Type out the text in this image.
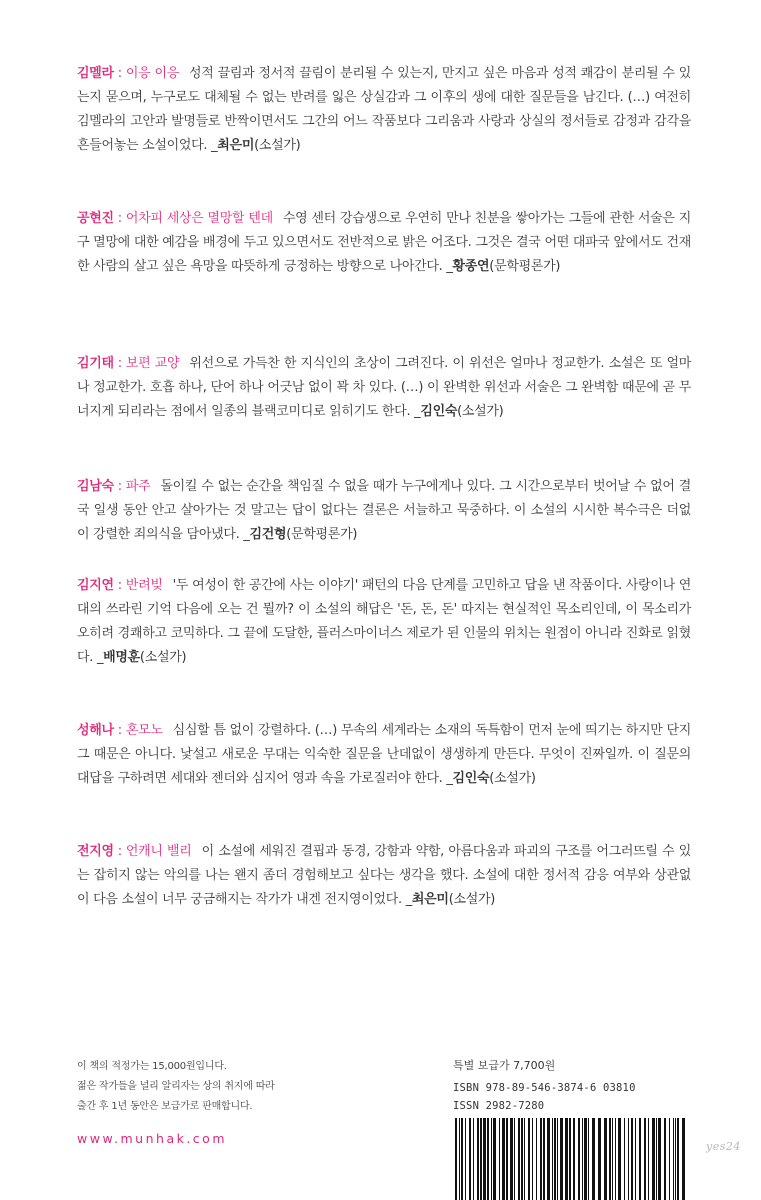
김멜라 : 이응 이응 성적 끌림과 정서적 끌림이 분리될 수 있는지, 만지고 싶은 마음과 성적 쾌감이 분리될 수 있는지 묻으며, 누구로도 대체될 수 없는 반려를 잃은 상실감과 그 이후의 생에 대한 질문들을 남긴다. (…) 여전히 김멜라의 고안과 발명들로 반짝이면서도 그간의 어느 작품보다 그리움과 사랑과 상실의 정서들로 감정과 감각을 흔들어놓는 소설이었다. _최은미(소설가)

공현진 : 어차피 세상은 멸망할 텐데 수영 센터 강습생으로 우연히 만나 친분을 쌓아가는 그들에 관한 서술은 지구 멸망에 대한 예감을 배경에 두고 있으면서도 전반적으로 밝은 어조다. 그것은 결국 어떤 대파국 앞에서도 건재한 사람의 살고 싶은 욕망을 따뜻하게 긍정하는 방향으로 나아간다. _황종연(문학평론가)

김기태 : 보편 교양 위선으로 가득찬 한 지식인의 초상이 그려진다. 이 위선은 얼마나 정교한가. 소설은 또 얼마나 정교한가. 호흡 하나, 단어 하나 어긋남 없이 꽉 차 있다. (…) 이 완벽한 위선과 서술은 그 완벽함 때문에 곧 무너지게 되리라는 점에서 일종의 블랙코미디로 읽히기도 한다. _김인숙(소설가)

김남숙 : 파주 돌이킬 수 없는 순간을 책임질 수 없을 때가 누구에게나 있다. 그 시간으로부터 벗어날 수 없어 결국 일생 동안 안고 살아가는 것 말고는 답이 없다는 결론은 서늘하고 묵중하다. 이 소설의 시시한 복수극은 더없이 강렬한 죄의식을 담아냈다. _김건형(문학평론가)

김지연 : 반려빚 '두 여성이 한 공간에 사는 이야기' 패턴의 다음 단계를 고민하고 답을 낸 작품이다. 사랑이나 연대의 쓰라린 기억 다음에 오는 건 뭘까? 이 소설의 해답은 '돈, 돈, 돈' 따지는 현실적인 목소리인데, 이 목소리가 오히려 경쾌하고 코믹하다. 그 끝에 도달한, 플러스마이너스 제로가 된 인물의 위치는 원점이 아니라 진화로 읽혔다. _배명훈(소설가)

성해나 : 혼모노 심심할 틈 없이 강렬하다. (…) 무속의 세계라는 소재의 독특함이 먼저 눈에 띄기는 하지만 단지 그 때문은 아니다. 낯설고 새로운 무대는 익숙한 질문을 난데없이 생생하게 만든다. 무엇이 진짜일까. 이 질문의 대답을 구하려면 세대와 젠더와 심지어 영과 속을 가로질러야 한다. _김인숙(소설가)

전지영 : 언캐니 밸리 이 소설에 세워진 결핍과 동경, 강함과 약함, 아름다움과 파괴의 구조를 어그러뜨릴 수 있는 잡히지 않는 악의를 나는 왠지 좀더 경험해보고 싶다는 생각을 했다. 소설에 대한 정서적 감응 여부와 상관없이 다음 소설이 너무 궁금해지는 작가가 내겐 전지영이었다. _최은미(소설가)

이 책의 적정가는 15,000원입니다.
젊은 작가들을 널리 알리자는 상의 취지에 따라
출간 후 1년 동안은 보급가로 판매합니다.
www.munhak.com
특별 보급가 7,700원
ISBN 978-89-546-3874-6 03810
ISSN 2982-7280
yes24
